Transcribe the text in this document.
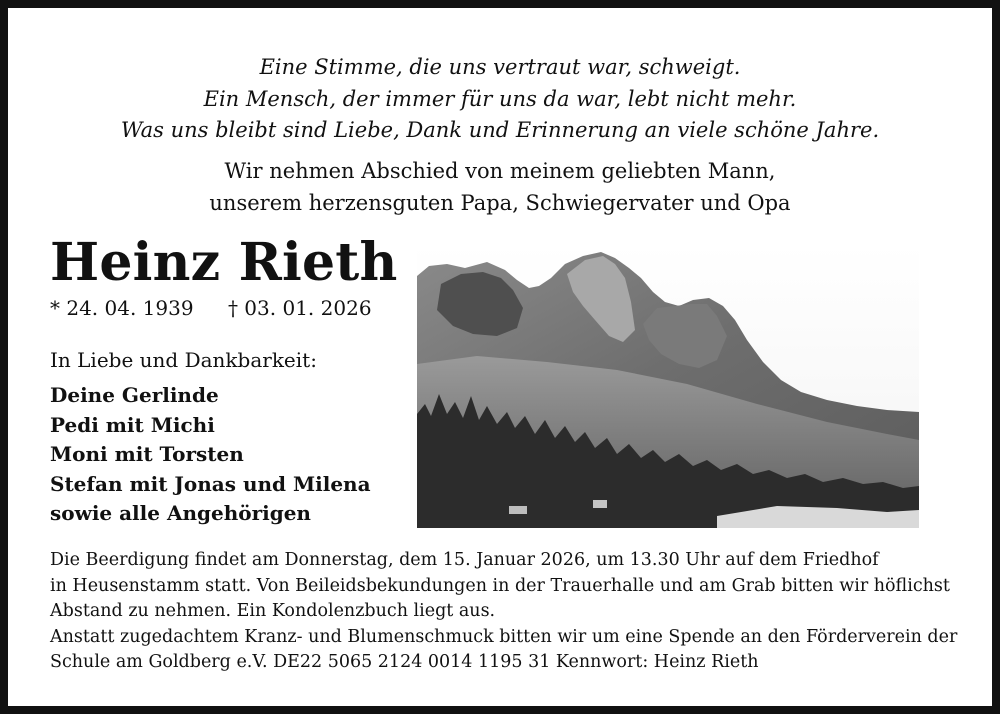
Eine Stimme, die uns vertraut war, schweigt.
Ein Mensch, der immer für uns da war, lebt nicht mehr.
Was uns bleibt sind Liebe, Dank und Erinnerung an viele schöne Jahre.
Wir nehmen Abschied von meinem geliebten Mann,
unserem herzensguten Papa, Schwiegervater und Opa
Heinz Rieth
* 24. 04. 1939 † 03. 01. 2026
In Liebe und Dankbarkeit:
Deine Gerlinde
Pedi mit Michi
Moni mit Torsten
Stefan mit Jonas und Milena
sowie alle Angehörigen
Die Beerdigung findet am Donnerstag, dem 15. Januar 2026, um 13.30 Uhr auf dem Friedhof
in Heusenstamm statt. Von Beileidsbekundungen in der Trauerhalle und am Grab bitten wir höflichst
Abstand zu nehmen. Ein Kondolenzbuch liegt aus.
Anstatt zugedachtem Kranz- und Blumenschmuck bitten wir um eine Spende an den Förderverein der
Schule am Goldberg e.V. DE22 5065 2124 0014 1195 31 Kennwort: Heinz Rieth
